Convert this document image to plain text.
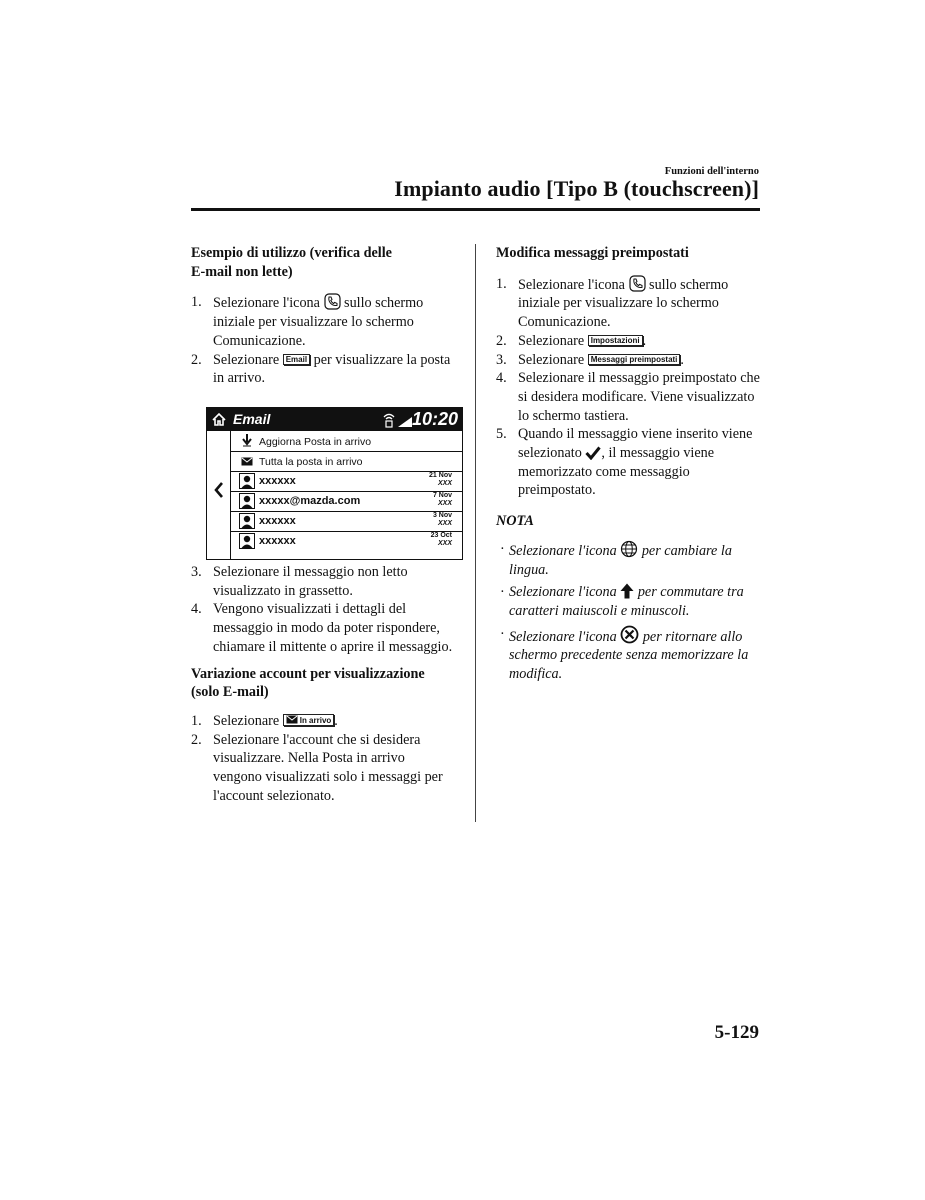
Funzioni dell'interno
Impianto audio [Tipo B (touchscreen)]
Esempio di utilizzo (verifica delle
E-mail non lette)
1. Selezionare l'icona  sullo schermo iniziale per visualizzare lo schermo Comunicazione.
2. Selezionare Email per visualizzare la posta in arrivo.
Email	10:20
Aggiorna Posta in arrivo
Tutta la posta in arrivo
xxxxxx	21 Nov
XXX
xxxxx@mazda.com	7 Nov
XXX
xxxxxx	3 Nov
XXX
xxxxxx	23 Oct
XXX
3. Selezionare il messaggio non letto visualizzato in grassetto.
4. Vengono visualizzati i dettagli del messaggio in modo da poter rispondere, chiamare il mittente o aprire il messaggio.
Variazione account per visualizzazione
(solo E-mail)
1. Selezionare In arrivo .
2. Selezionare l'account che si desidera visualizzare. Nella Posta in arrivo vengono visualizzati solo i messaggi per l'account selezionato.
Modifica messaggi preimpostati
1. Selezionare l'icona  sullo schermo iniziale per visualizzare lo schermo Comunicazione.
2. Selezionare Impostazioni .
3. Selezionare Messaggi preimpostati .
4. Selezionare il messaggio preimpostato che si desidera modificare. Viene visualizzato lo schermo tastiera.
5. Quando il messaggio viene inserito viene selezionato , il messaggio viene memorizzato come messaggio preimpostato.
NOTA
· Selezionare l'icona  per cambiare la lingua.
· Selezionare l'icona  per commutare tra caratteri maiuscoli e minuscoli.
· Selezionare l'icona  per ritornare allo schermo precedente senza memorizzare la modifica.
5-129
